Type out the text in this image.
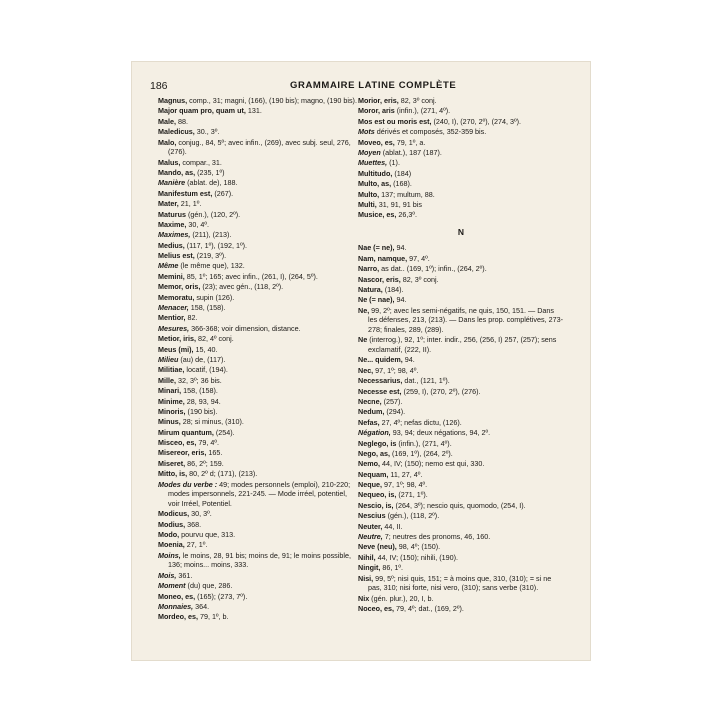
186	GRAMMAIRE LATINE COMPLÈTE
Magnus, comp., 31; magni, (166), (190 bis); magno, (190 bis).
Major quam pro, quam ut, 131.
Male, 88.
Maledicus, 30., 3º.
Malo, conjug., 84, 5º; avec infin., (269), avec subj. seul, 276, (276).
Malus, compar., 31.
Mando, as, (235, 1º)
Manière (ablat. de), 188.
Manifestum est, (267).
Mater, 21, 1º.
Maturus (gén.), (120, 2º).
Maxime, 30, 4º.
Maximes, (211), (213).
Medius, (117, 1º), (192, 1º).
Melius est, (219, 3º).
Même (le même que), 132.
Memini, 85, 1º; 165; avec infin., (261, I), (264, 5º).
Memor, oris, (23); avec gén., (118, 2º).
Memoratu, supin (126).
Menacer, 158, (158).
Mentior, 82.
Mesures, 366-368; voir dimension, distance.
Metior, iris, 82, 4º conj.
Meus (mi), 15, 40.
Milieu (au) de, (117).
Militiae, locatif, (194).
Mille, 32, 3º; 36 bis.
Minari, 158, (158).
Minime, 28, 93, 94.
Minoris, (190 bis).
Minus, 28; si minus, (310).
Mirum quantum, (254).
Misceo, es, 79, 4º.
Misereor, eris, 165.
Miseret, 86, 2º; 159.
Mitto, is, 80, 2º d; (171), (213).
Modes du verbe : 49; modes personnels (emploi), 210-220; modes impersonnels, 221-245. — Mode irréel, potentiel, voir Irréel, Potentiel.
Modicus, 30, 3º.
Modius, 368.
Modo, pourvu que, 313.
Moenia, 27, 1º.
Moins, le moins, 28, 91 bis; moins de, 91; le moins possible, 136; moins... moins, 333.
Mois, 361.
Moment (du) que, 286.
Moneo, es, (165); (273, 7º).
Monnaies, 364.
Mordeo, es, 79, 1º, b.
Morior, eris, 82, 3º conj.
Moror, aris (infin.), (271, 4º).
Mos est ou moris est, (240, I), (270, 2º), (274, 3º).
Mots dérivés et composés, 352-359 bis.
Moveo, es, 79, 1º, a.
Moyen (ablat.), 187 (187).
Muettes, (1).
Multitudo, (184)
Multo, as, (168).
Multo, 137; multum, 88.
Multi, 31, 91, 91 bis
Musice, es, 26,3º.
N
Nae (= ne), 94.
Nam, namque, 97, 4º.
Narro, as dat.. (169, 1º); infin., (264, 2º).
Nascor, eris, 82, 3º conj.
Natura, (184).
Ne (= nae), 94.
Ne, 99, 2º; avec les semi-négatifs, ne quis, 150, 151. — Dans les défenses, 213, (213). — Dans les prop. complétives, 273-278; finales, 289, (289).
Ne (interrog.), 92, 1º; inter. indir., 256, (256, I) 257, (257); sens exclamatif, (222, II).
Ne... quidem, 94.
Nec, 97, 1º; 98, 4º.
Necessarius, dat., (121, 1º).
Necesse est, (259, I), (270, 2º), (276).
Necne, (257).
Nedum, (294).
Nefas, 27, 4º; nefas dictu, (126).
Négation, 93, 94; deux négations, 94, 2º.
Neglego, is (infin.), (271, 4º).
Nego, as, (169, 1º), (264, 2º).
Nemo, 44, IV; (150); nemo est qui, 330.
Nequam, 11, 27, 4º.
Neque, 97, 1º; 98, 4º.
Nequeo, is, (271, 1º).
Nescio, is, (264, 3º); nescio quis, quomodo, (254, I).
Nescius (gén.), (118, 2º).
Neuter, 44, II.
Neutre, 7; neutres des pronoms, 46, 160.
Neve (neu), 98, 4º; (150).
Nihil, 44, IV; (150); nihili, (190).
Ningit, 86, 1º.
Nisi, 99, 5º; nisi quis, 151; = à moins que, 310, (310); = si ne pas, 310; nisi forte, nisi vero, (310); sans verbe (310).
Nix (gén. plur.), 20, I, b.
Noceo, es, 79, 4º; dat., (169, 2º).
